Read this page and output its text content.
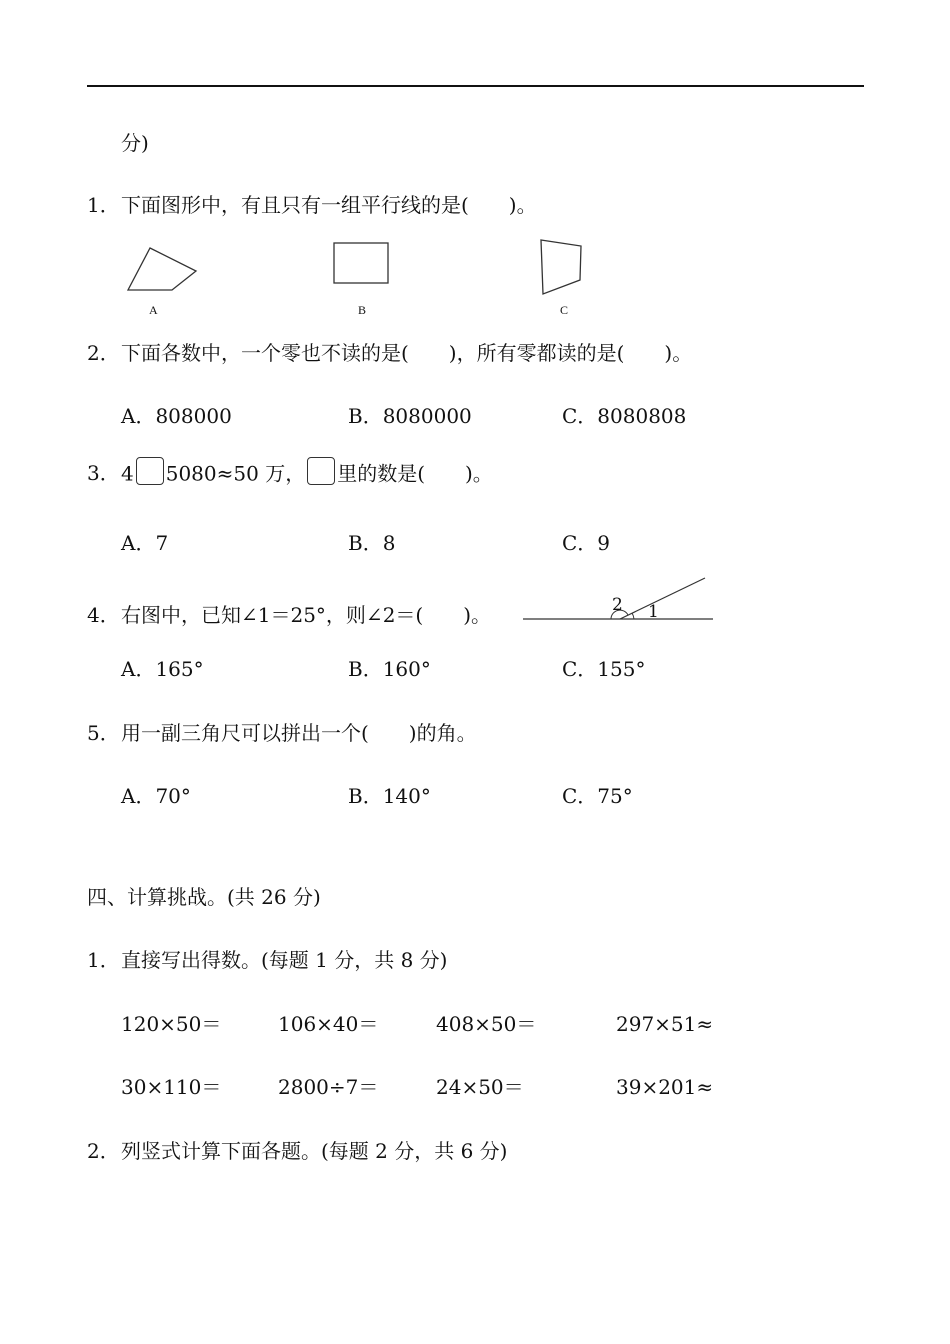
分)
1． 下面图形中，有且只有一组平行线的是(　　)。
A	B	C
2． 下面各数中，一个零也不读的是(　　)，所有零都读的是(　　)。
A．808000	B．8080000	C．8080808
3． 4 5080≈50 万， 里的数是(　　)。
A．7	B．8	C．9
4． 右图中，已知∠1＝25°，则∠2＝(　　)。	2 1
A．165°	B．160°	C．155°
5． 用一副三角尺可以拼出一个(　　)的角。
A．70°	B．140°	C．75°
四、计算挑战。(共 26 分)
1． 直接写出得数。(每题 1 分，共 8 分)
120×50＝	106×40＝	408×50＝	297×51≈
30×110＝	2800÷7＝	24×50＝	39×201≈
2． 列竖式计算下面各题。(每题 2 分，共 6 分)
